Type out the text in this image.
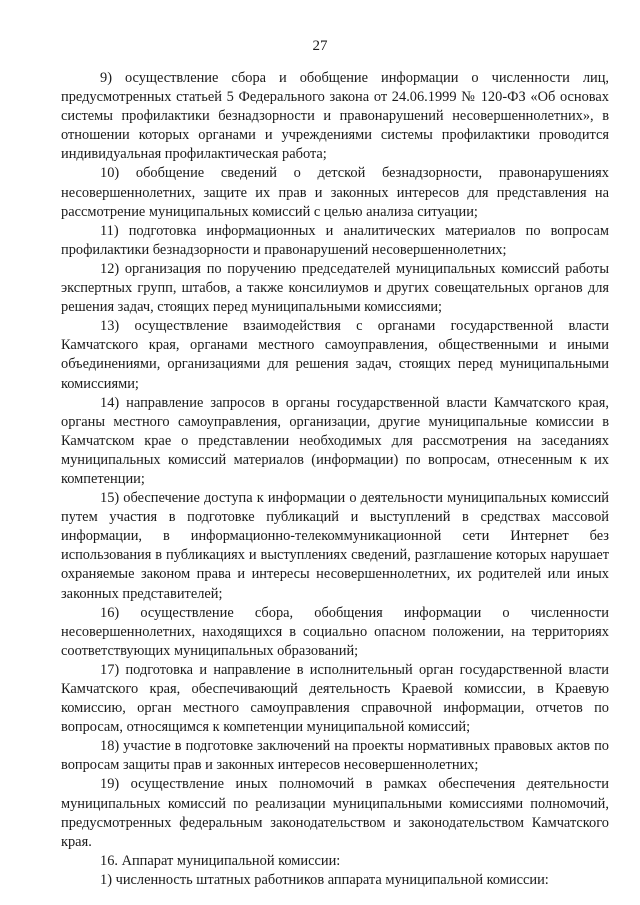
27

9) осуществление сбора и обобщение информации о численности лиц, предусмотренных статьей 5 Федерального закона от 24.06.1999 № 120-ФЗ «Об основах системы профилактики безнадзорности и правонарушений несовершеннолетних», в отношении которых органами и учреждениями системы профилактики проводится индивидуальная профилактическая работа;

10) обобщение сведений о детской безнадзорности, правонарушениях несовершеннолетних, защите их прав и законных интересов для представления на рассмотрение муниципальных комиссий с целью анализа ситуации;

11) подготовка информационных и аналитических материалов по вопросам профилактики безнадзорности и правонарушений несовершеннолетних;

12) организация по поручению председателей муниципальных комиссий работы экспертных групп, штабов, а также консилиумов и других совещательных органов для решения задач, стоящих перед муниципальными комиссиями;

13) осуществление взаимодействия с органами государственной власти Камчатского края, органами местного самоуправления, общественными и иными объединениями, организациями для решения задач, стоящих перед муниципальными комиссиями;

14) направление запросов в органы государственной власти Камчатского края, органы местного самоуправления, организации, другие муниципальные комиссии в Камчатском крае о представлении необходимых для рассмотрения на заседаниях муниципальных комиссий материалов (информации) по вопросам, отнесенным к их компетенции;

15) обеспечение доступа к информации о деятельности муниципальных комиссий путем участия в подготовке публикаций и выступлений в средствах массовой информации, в информационно-телекоммуникационной сети Интернет без использования в публикациях и выступлениях сведений, разглашение которых нарушает охраняемые законом права и интересы несовершеннолетних, их родителей или иных законных представителей;

16) осуществление сбора, обобщения информации о численности несовершеннолетних, находящихся в социально опасном положении, на территориях соответствующих муниципальных образований;

17) подготовка и направление в исполнительный орган государственной власти Камчатского края, обеспечивающий деятельность Краевой комиссии, в Краевую комиссию, орган местного самоуправления справочной информации, отчетов по вопросам, относящимся к компетенции муниципальной комиссий;

18) участие в подготовке заключений на проекты нормативных правовых актов по вопросам защиты прав и законных интересов несовершеннолетних;

19) осуществление иных полномочий в рамках обеспечения деятельности муниципальных комиссий по реализации муниципальными комиссиями полномочий, предусмотренных федеральным законодательством и законодательством Камчатского края.

16. Аппарат муниципальной комиссии:

1) численность штатных работников аппарата муниципальной комиссии:
